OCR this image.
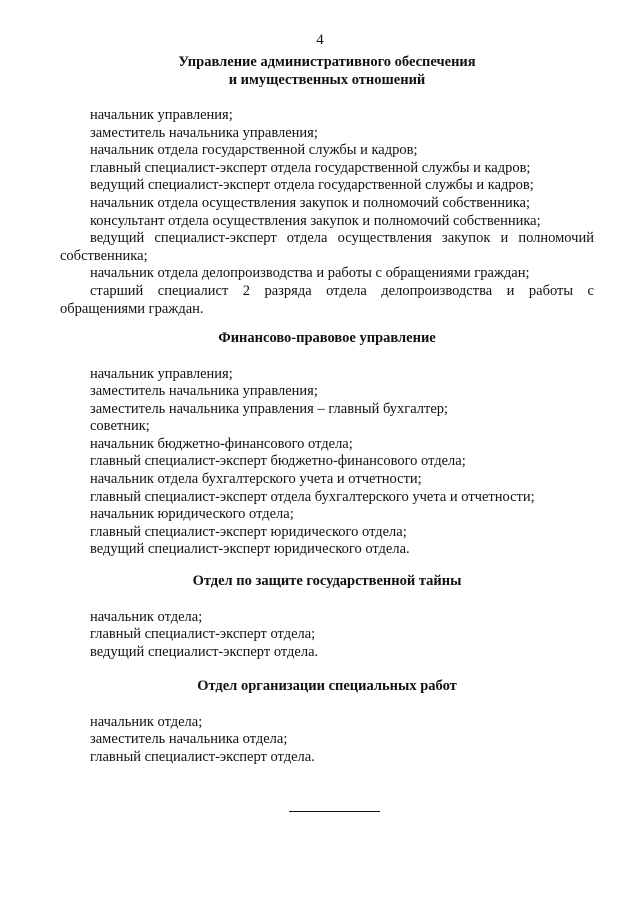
4

Управление административного обеспечения
и имущественных отношений

начальник управления;
заместитель начальника управления;
начальник отдела государственной службы и кадров;
главный специалист-эксперт отдела государственной службы и кадров;
ведущий специалист-эксперт отдела государственной службы и кадров;
начальник отдела осуществления закупок и полномочий собственника;
консультант отдела осуществления закупок и полномочий собственника;
ведущий специалист-эксперт отдела осуществления закупок и полномочий собственника;
начальник отдела делопроизводства и работы с обращениями граждан;
старший специалист 2 разряда отдела делопроизводства и работы с обращениями граждан.

Финансово-правовое управление

начальник управления;
заместитель начальника управления;
заместитель начальника управления – главный бухгалтер;
советник;
начальник бюджетно-финансового отдела;
главный специалист-эксперт бюджетно-финансового отдела;
начальник отдела бухгалтерского учета и отчетности;
главный специалист-эксперт отдела бухгалтерского учета и отчетности;
начальник юридического отдела;
главный специалист-эксперт юридического отдела;
ведущий специалист-эксперт юридического отдела.

Отдел по защите государственной тайны

начальник отдела;
главный специалист-эксперт отдела;
ведущий специалист-эксперт отдела.

Отдел организации специальных работ

начальник отдела;
заместитель начальника отдела;
главный специалист-эксперт отдела.
